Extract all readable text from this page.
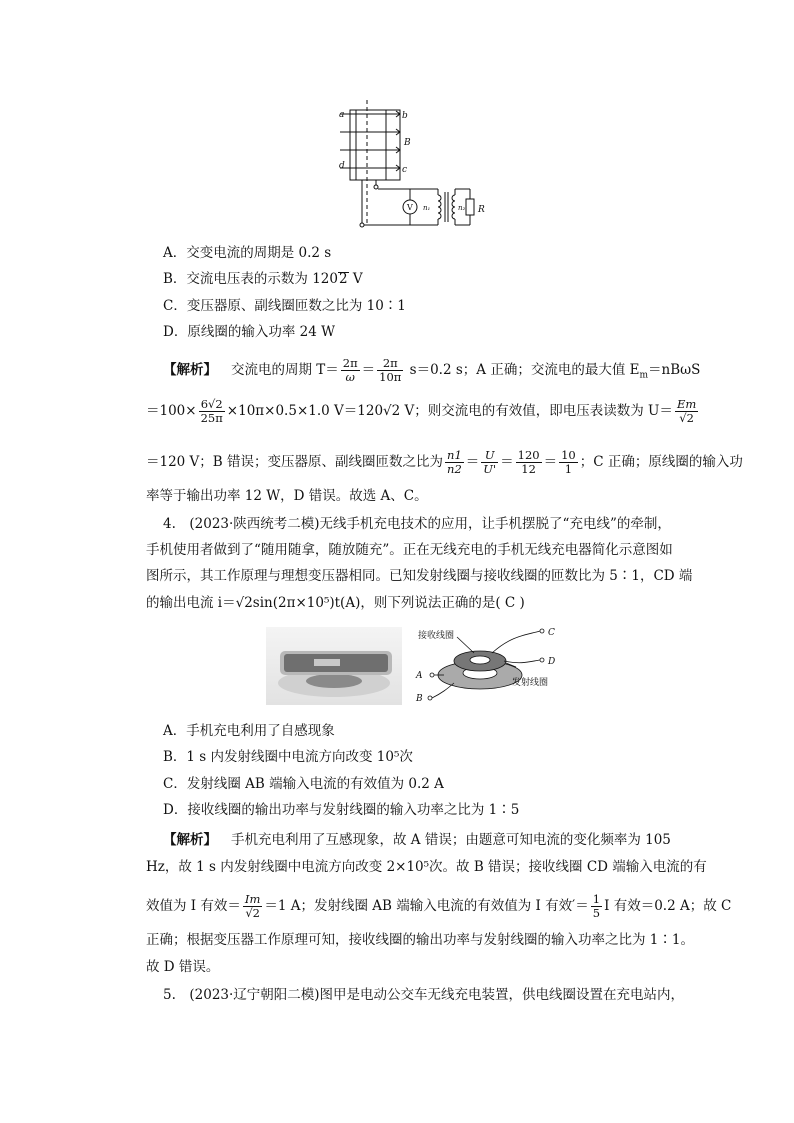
a	b
B
d	c
V n₁	n₂ R
A．交变电流的周期是 0.2 s
B．交流电压表的示数为 1202 V
C．变压器原、副线圈匝数之比为 10∶1
D．原线圈的输入功率 24 W
【解析】 交流电的周期 $T= \frac{2\pi}{\omega} = \frac{2\pi}{10\pi} s=0.2$ s；A 正确；交流电的最大值 $E_m=nB\omega S$
$=100\times \frac{6√2}{25\pi} \times 10\pi\times 0.5\times 1.0$ V＝120√2 V；则交流电的有效值，即电压表读数为 $U= \frac{Em}{√2}$
＝120 V；B 错误；变压器原、副线圈匝数之比为 $\frac{n1}{n2} = \frac{U}{U'} = \frac{120}{12} = \frac{10}{1}$ ；C 正确；原线圈的输入功
率等于输出功率 12 W，D 错误。故选 A、C。
4.　(2023·陕西统考二模)无线手机充电技术的应用，让手机摆脱了“充电线”的牵制，
手机使用者做到了“随用随拿，随放随充”。正在无线充电的手机无线充电器简化示意图如
图所示，其工作原理与理想变压器相同。已知发射线圈与接收线圈的匝数比为 5∶1，CD 端
的输出电流 i＝√2sin(2π×10⁵)t(A)，则下列说法正确的是( C )
接收线圈
发射线圈
A
B
C
D
A．手机充电利用了自感现象
B．1 s 内发射线圈中电流方向改变 10⁵次
C．发射线圈 AB 端输入电流的有效值为 0.2 A
D．接收线圈的输出功率与发射线圈的输入功率之比为 1∶5
【解析】 手机充电利用了互感现象，故 A 错误；由题意可知电流的变化频率为 105
Hz，故 1 s 内发射线圈中电流方向改变 2×10⁵次。故 B 错误；接收线圈 CD 端输入电流的有
效值为 I 有效＝ $\frac{Im}{√2} =1$ A；发射线圈 AB 端输入电流的有效值为 I 有效′＝ $\frac{1}{5}$ I 有效＝0.2 A；故 C
正确；根据变压器工作原理可知，接收线圈的输出功率与发射线圈的输入功率之比为 1∶1。
故 D 错误。
5.　(2023·辽宁朝阳二模)图甲是电动公交车无线充电装置，供电线圈设置在充电站内，
